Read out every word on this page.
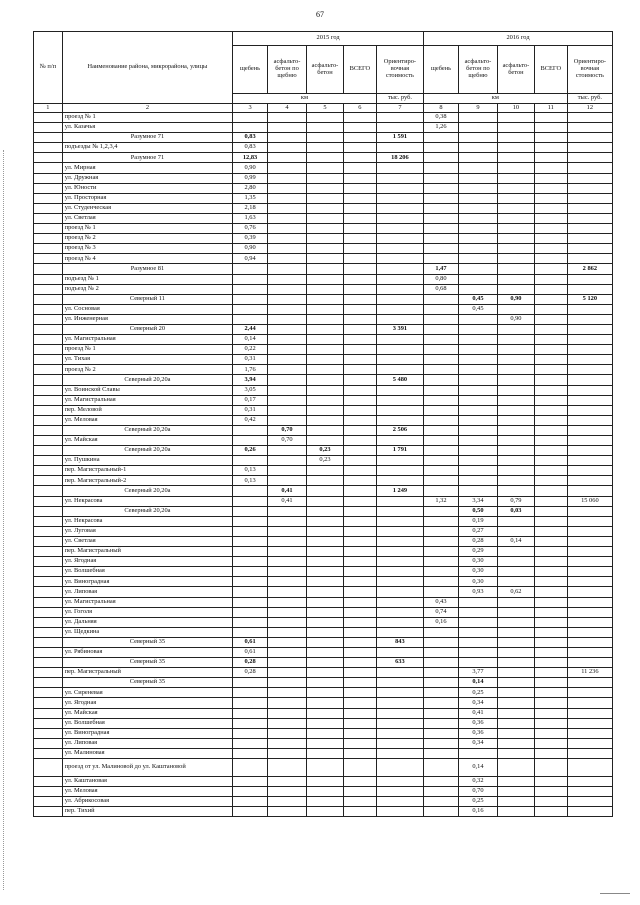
67
№ п/п	Наименование района, микрорайона, улицы	2015 год					2016 год				
		щебень	асфальто-бетон по щебню	асфальто-бетон	ВСЕГО	Ориентиро-вочная стоимость	щебень	асфальто-бетон по щебню	асфальто-бетон	ВСЕГО	Ориентиро-вочная стоимость
		км				тыс. руб.	км				тыс. руб.
1	2	3	4	5	6	7	8	9	10	11	12
	проезд № 1						0,38				
	ул. Казачья						1,26				
	Разумное 71	0,83				1 591					
	подъезды № 1,2,3,4	0,83									
	Разумное 71	12,83				18 206					
	ул. Мирная	0,90									
	ул. Дружная	0,99									
	ул. Юности	2,80									
	ул. Просторная	1,35									
	ул. Студенческая	2,18									
	ул. Светлая	1,63									
	проезд № 1	0,76									
	проезд № 2	0,39									
	проезд № 3	0,90									
	проезд № 4	0,94									
	Разумное 81						1,47				2 862
	подъезд № 1						0,80				
	подъезд № 2						0,68				
	Северный 11							0,45	0,90		5 120
	ул. Сосновая							0,45			
	ул. Инженерная								0,90		
	Северный 20	2,44				3 391					
	ул. Магистральная	0,14									
	проезд № 1	0,22									
	ул. Тихая	0,31									
	проезд № 2	1,76									
	Северный 20,20а	3,94				5 480					
	ул. Воинской Славы	3,05									
	ул. Магистральная	0,17									
	пер. Меловой	0,31									
	ул. Меловая	0,42									
	Северный 20,20а		0,70			2 506					
	ул. Майская		0,70								
	Северный 20,20а	0,26		0,23		1 791					
	ул. Пушкина			0,23							
	пер. Магистральный-1	0,13									
	пер. Магистральный-2	0,13									
	Северный 20,20а		0,41			1 249					
	ул. Некрасова		0,41				1,32	3,34	0,79		15 060
	Северный 20,20а							0,50	0,03		
	ул. Некрасова							0,19			
	ул. Луговая							0,27			
	ул. Светлая							0,28	0,14		
	пер. Магистральный							0,29			
	ул. Ягодная							0,30			
	ул. Волшебная							0,30			
	ул. Виноградная							0,30			
	ул. Липовая							0,93	0,62		
	ул. Магистральная						0,43				
	ул. Гоголя						0,74				
	ул. Дальняя						0,16				
	ул. Щедкина										
	Северный 35	0,61				843					
	ул. Рябиновая	0,61									
	Северный 35	0,28				633					
	пер. Магистральный	0,28						3,77			11 236
	Северный 35							0,14			
	ул. Сиреневая							0,25			
	ул. Ягодная							0,34			
	ул. Майская							0,41			
	ул. Волшебная							0,36			
	ул. Виноградная							0,36			
	ул. Липовая							0,34			
	ул. Малиновая										
	проезд от ул. Малиновой до ул. Каштановой							0,14			
	ул. Каштановая							0,32			
	ул. Меловая							0,70			
	ул. Абрикосовая							0,25			
	пер. Тихий							0,16			
